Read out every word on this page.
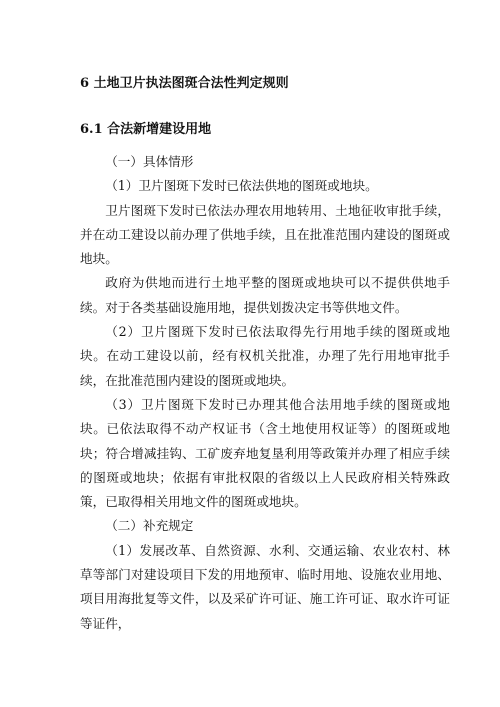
6 土地卫片执法图斑合法性判定规则
6.1 合法新增建设用地

（一）具体情形

（1）卫片图斑下发时已依法供地的图斑或地块。

卫片图斑下发时已依法办理农用地转用、土地征收审批手续，并在动工建设以前办理了供地手续，且在批准范围内建设的图斑或地块。

政府为供地而进行土地平整的图斑或地块可以不提供供地手续。对于各类基础设施用地，提供划拨决定书等供地文件。

（2）卫片图斑下发时已依法取得先行用地手续的图斑或地块。在动工建设以前，经有权机关批准，办理了先行用地审批手续，在批准范围内建设的图斑或地块。

（3）卫片图斑下发时已办理其他合法用地手续的图斑或地块。已依法取得不动产权证书（含土地使用权证等）的图斑或地块；符合增减挂钩、工矿废弃地复垦利用等政策并办理了相应手续的图斑或地块；依据有审批权限的省级以上人民政府相关特殊政策，已取得相关用地文件的图斑或地块。

（二）补充规定

（1）发展改革、自然资源、水利、交通运输、农业农村、林草等部门对建设项目下发的用地预审、临时用地、设施农业用地、项目用海批复等文件，以及采矿许可证、施工许可证、取水许可证等证件，
